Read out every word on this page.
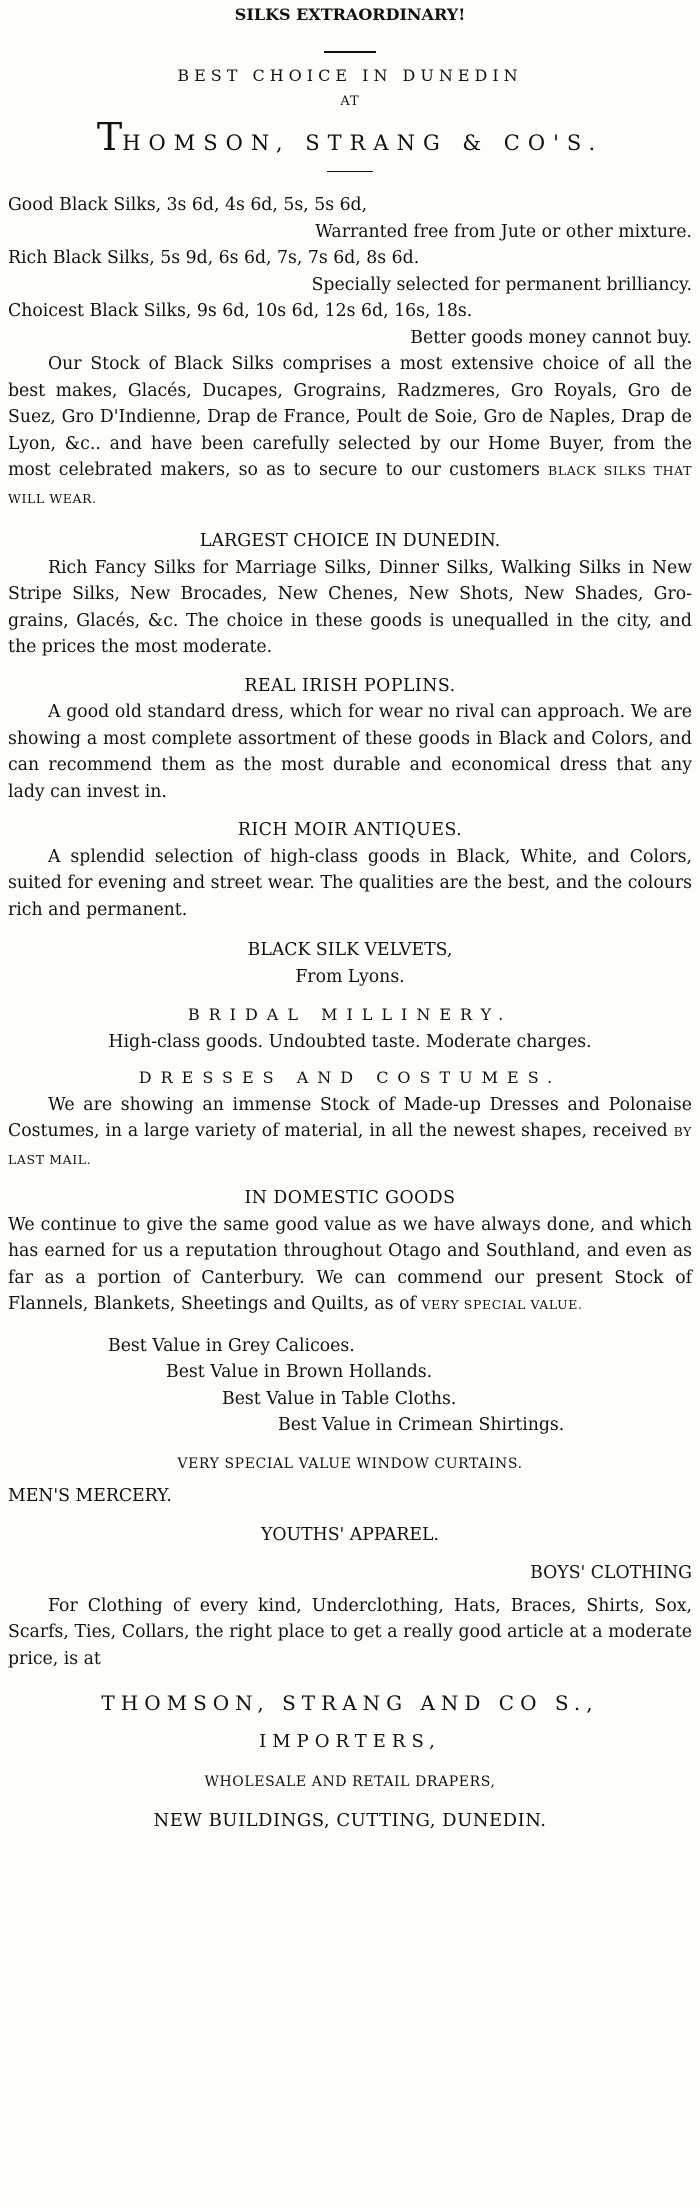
SILKS EXTRAORDINARY!

BEST CHOICE IN DUNEDIN

AT

THOMSON, STRANG & CO'S.

Good Black Silks, 3s 6d, 4s 6d, 5s, 5s 6d,

Warranted free from Jute or other mixture.

Rich Black Silks, 5s 9d, 6s 6d, 7s, 7s 6d, 8s 6d.

Specially selected for permanent brilliancy.

Choicest Black Silks, 9s 6d, 10s 6d, 12s 6d, 16s, 18s.

Better goods money cannot buy.

Our Stock of Black Silks comprises a most extensive choice of all the best makes, Glacés, Ducapes, Grograins, Radzmeres, Gro Royals, Gro de Suez, Gro D'Indienne, Drap de France, Poult de Soie, Gro de Naples, Drap de Lyon, &c.. and have been carefully selected by our Home Buyer, from the most celebrated makers, so as to secure to our customers BLACK SILKS THAT WILL WEAR.

LARGEST CHOICE IN DUNEDIN.

Rich Fancy Silks for Marriage Silks, Dinner Silks, Walking Silks in New Stripe Silks, New Brocades, New Chenes, New Shots, New Shades, Gro-grains, Glacés, &c. The choice in these goods is unequalled in the city, and the prices the most moderate.

REAL IRISH POPLINS.

A good old standard dress, which for wear no rival can approach. We are showing a most complete assortment of these goods in Black and Colors, and can recommend them as the most durable and economical dress that any lady can invest in.

RICH MOIR ANTIQUES.

A splendid selection of high-class goods in Black, White, and Colors, suited for evening and street wear. The qualities are the best, and the colours rich and permanent.

BLACK SILK VELVETS,

From Lyons.

BRIDAL MILLINERY.

High-class goods. Undoubted taste. Moderate charges.

DRESSES AND COSTUMES.

We are showing an immense Stock of Made-up Dresses and Polonaise Costumes, in a large variety of material, in all the newest shapes, received BY LAST MAIL.

IN DOMESTIC GOODS

We continue to give the same good value as we have always done, and which has earned for us a reputation throughout Otago and Southland, and even as far as a portion of Canterbury. We can commend our present Stock of Flannels, Blankets, Sheetings and Quilts, as of VERY SPECIAL VALUE.

Best Value in Grey Calicoes.

Best Value in Brown Hollands.

Best Value in Table Cloths.

Best Value in Crimean Shirtings.

VERY SPECIAL VALUE WINDOW CURTAINS.

MEN'S MERCERY.

YOUTHS' APPAREL.

BOYS' CLOTHING

For Clothing of every kind, Underclothing, Hats, Braces, Shirts, Sox, Scarfs, Ties, Collars, the right place to get a really good article at a moderate price, is at

THOMSON, STRANG AND CO S.,

IMPORTERS,

WHOLESALE AND RETAIL DRAPERS,

NEW BUILDINGS, CUTTING, DUNEDIN.
